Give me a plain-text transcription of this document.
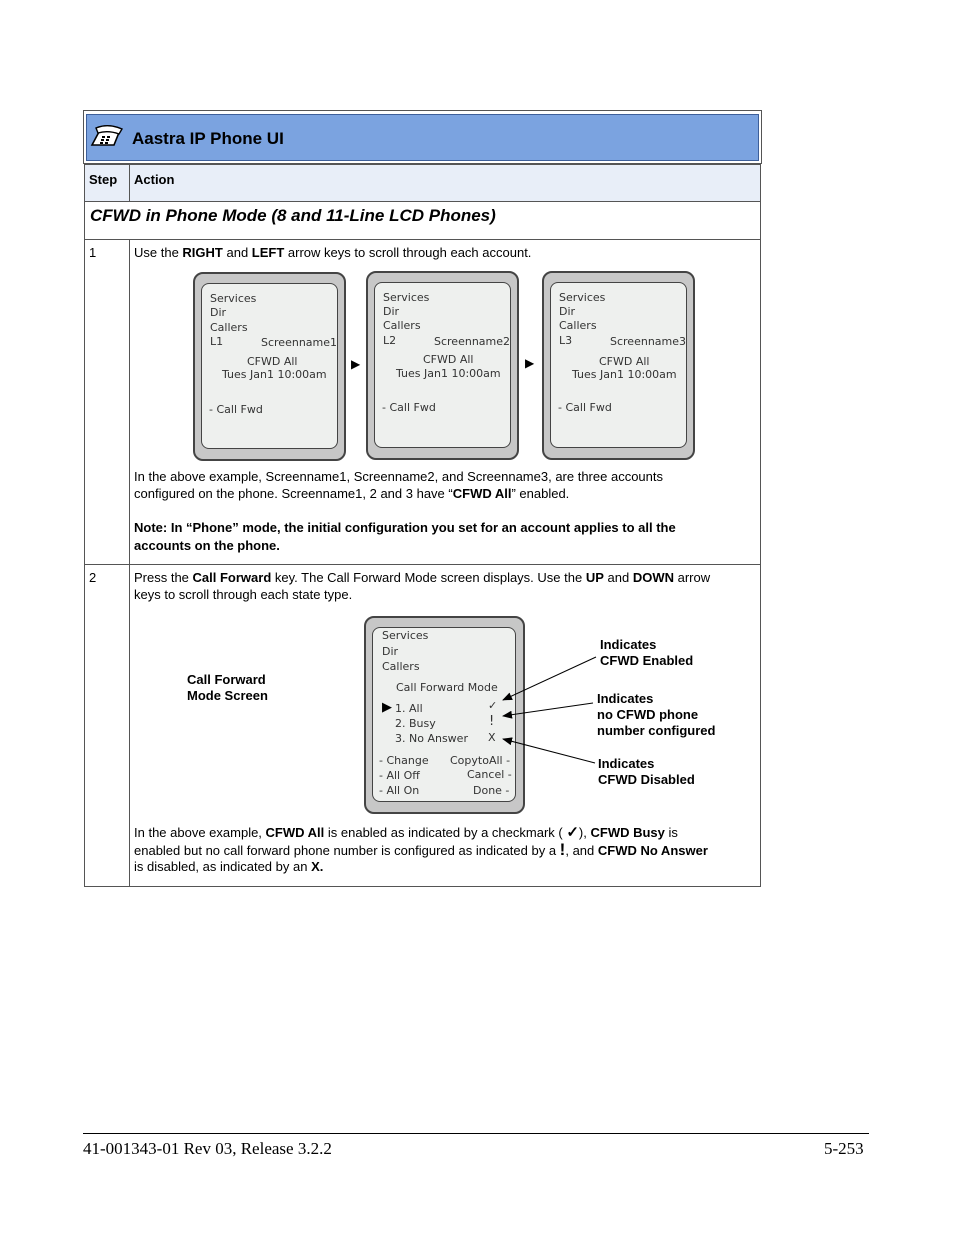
Aastra IP Phone UI
Step Action
CFWD in Phone Mode (8 and 11-Line LCD Phones)
1	Use the RIGHT and LEFT arrow keys to scroll through each account.
Services
Dir
Callers
L1	Screenname1
CFWD All
Tues Jan1 10:00am
- Call Fwd
▶
Services
Dir
Callers
L2	Screenname2
CFWD All
Tues Jan1 10:00am
- Call Fwd
▶
Services
Dir
Callers
L3	Screenname3
CFWD All
Tues Jan1 10:00am
- Call Fwd
In the above example, Screenname1, Screenname2, and Screenname3, are three accounts
configured on the phone. Screenname1, 2 and 3 have “CFWD All” enabled.
Note: In “Phone” mode, the initial configuration you set for an account applies to all the
accounts on the phone.
2	Press the Call Forward key. The Call Forward Mode screen displays. Use the UP and DOWN arrow
keys to scroll through each state type.
Call Forward
Mode Screen
Services
Dir
Callers
Call Forward Mode
▶ 1. All
2. Busy
3. No Answer
✓
!
X
- Change CopytoAll -
- All Off	Cancel -
- All On	Done -
Indicates
CFWD Enabled
Indicates
no CFWD phone
number configured
Indicates
CFWD Disabled
In the above example, CFWD All is enabled as indicated by a checkmark ( ✓), CFWD Busy is
enabled but no call forward phone number is configured as indicated by a !, and CFWD No Answer
is disabled, as indicated by an X.
41-001343-01 Rev 03, Release 3.2.2	5-253
